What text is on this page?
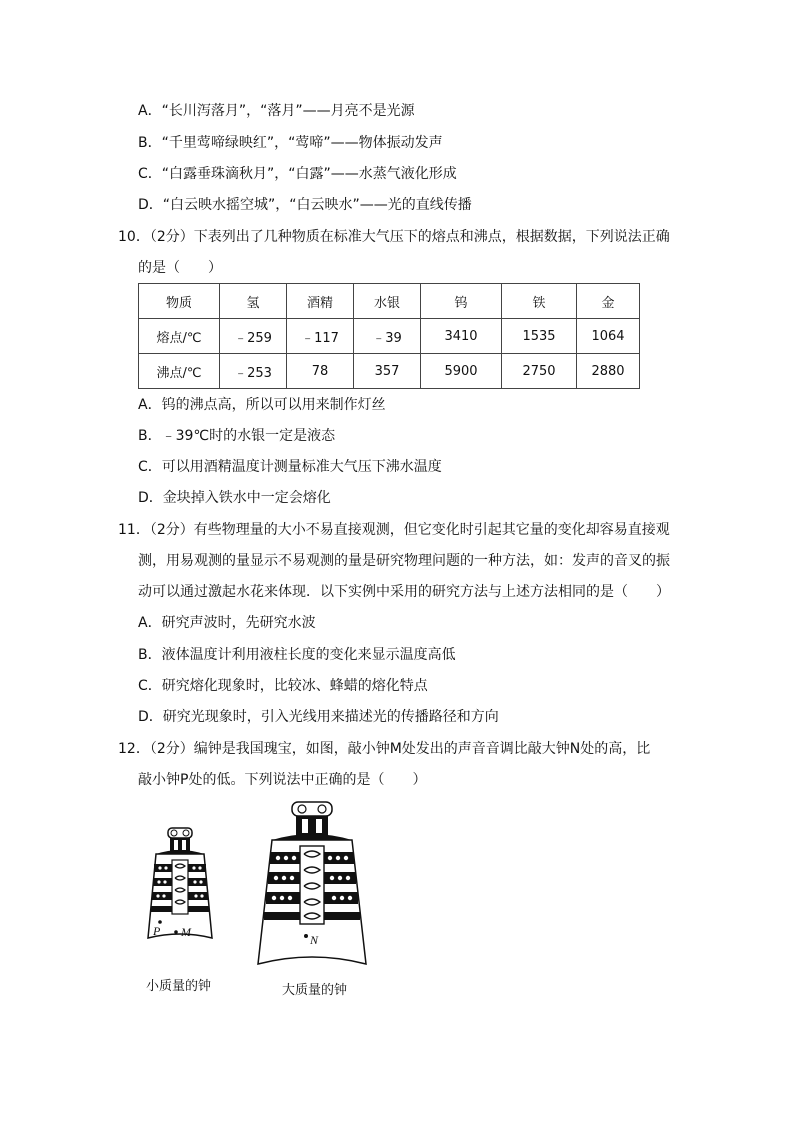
A．“长川泻落月”，“落月”——月亮不是光源
B．“千里莺啼绿映红”，“莺啼”——物体振动发声
C．“白露垂珠滴秋月”，“白露”——水蒸气液化形成
D．“白云映水摇空城”，“白云映水”——光的直线传播
10．（2分）下表列出了几种物质在标准大气压下的熔点和沸点，根据数据，下列说法正确
的是（　　）
物质	氢	酒精	水银	钨	铁	金
熔点/℃	﹣259	﹣117	﹣39	3410	1535	1064
沸点/℃	﹣253	78	357	5900	2750	2880
A．钨的沸点高，所以可以用来制作灯丝
B．﹣39℃时的水银一定是液态
C．可以用酒精温度计测量标准大气压下沸水温度
D．金块掉入铁水中一定会熔化
11．（2分）有些物理量的大小不易直接观测，但它变化时引起其它量的变化却容易直接观
测，用易观测的量显示不易观测的量是研究物理问题的一种方法，如：发声的音叉的振
动可以通过激起水花来体现．以下实例中采用的研究方法与上述方法相同的是（　　）
A．研究声波时，先研究水波
B．液体温度计利用液柱长度的变化来显示温度高低
C．研究熔化现象时，比较冰、蜂蜡的熔化特点
D．研究光现象时，引入光线用来描述光的传播路径和方向
12．（2分）编钟是我国瑰宝，如图，敲小钟M处发出的声音音调比敲大钟N处的高，比
敲小钟P处的低。下列说法中正确的是（　　）
P M
N
小质量的钟	大质量的钟
